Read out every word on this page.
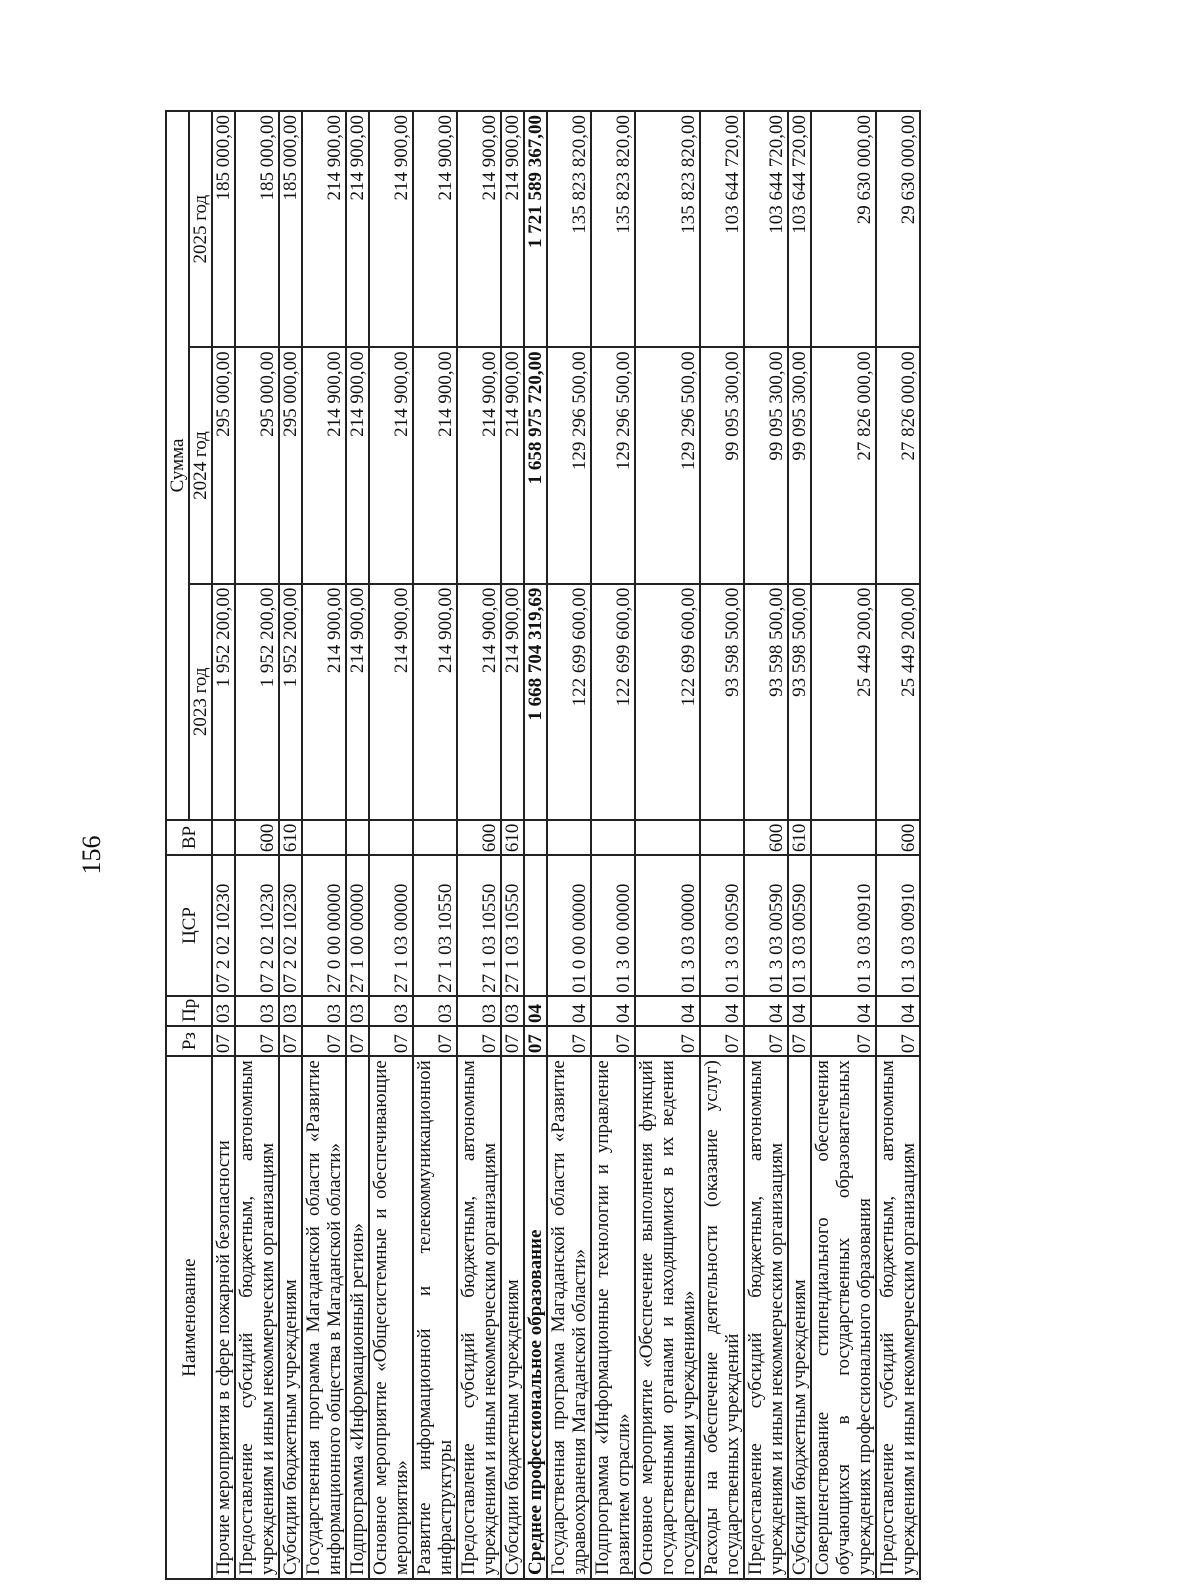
156
Наименование	Рз	Пр	ЦСР	ВР	Сумма		
					2023 год	2024 год	2025 год
Прочие мероприятия в сфере пожарной безопасности	07	03	07 2 02 10230		1 952 200,00	295 000,00	185 000,00
Предоставление субсидий бюджетным, автономным учреждениям и иным некоммерческим организациям	07	03	07 2 02 10230	600	1 952 200,00	295 000,00	185 000,00
Субсидии бюджетным учреждениям	07	03	07 2 02 10230	610	1 952 200,00	295 000,00	185 000,00
Государственная программа Магаданской области «Развитие информационного общества в Магаданской области»	07	03	27 0 00 00000		214 900,00	214 900,00	214 900,00
Подпрограмма «Информационный регион»	07	03	27 1 00 00000		214 900,00	214 900,00	214 900,00
Основное мероприятие «Общесистемные и обеспечивающие мероприятия»	07	03	27 1 03 00000		214 900,00	214 900,00	214 900,00
Развитие информационной и телекоммуникационной инфраструктуры	07	03	27 1 03 10550		214 900,00	214 900,00	214 900,00
Предоставление субсидий бюджетным, автономным учреждениям и иным некоммерческим организациям	07	03	27 1 03 10550	600	214 900,00	214 900,00	214 900,00
Субсидии бюджетным учреждениям	07	03	27 1 03 10550	610	214 900,00	214 900,00	214 900,00
Среднее профессиональное образование	07	04			1 668 704 319,69	1 658 975 720,00	1 721 589 367,00
Государственная программа Магаданской области «Развитие здравоохранения Магаданской области»	07	04	01 0 00 00000		122 699 600,00	129 296 500,00	135 823 820,00
Подпрограмма «Информационные технологии и управление развитием отрасли»	07	04	01 3 00 00000		122 699 600,00	129 296 500,00	135 823 820,00
Основное мероприятие «Обеспечение выполнения функций государственными органами и находящимися в их ведении государственными учреждениями»	07	04	01 3 03 00000		122 699 600,00	129 296 500,00	135 823 820,00
Расходы на обеспечение деятельности (оказание услуг) государственных учреждений	07	04	01 3 03 00590		93 598 500,00	99 095 300,00	103 644 720,00
Предоставление субсидий бюджетным, автономным учреждениям и иным некоммерческим организациям	07	04	01 3 03 00590	600	93 598 500,00	99 095 300,00	103 644 720,00
Субсидии бюджетным учреждениям	07	04	01 3 03 00590	610	93 598 500,00	99 095 300,00	103 644 720,00
Совершенствование стипендиального обеспечения обучающихся в государственных образовательных учреждениях профессионального образования	07	04	01 3 03 00910		25 449 200,00	27 826 000,00	29 630 000,00
Предоставление субсидий бюджетным, автономным учреждениям и иным некоммерческим организациям	07	04	01 3 03 00910	600	25 449 200,00	27 826 000,00	29 630 000,00
